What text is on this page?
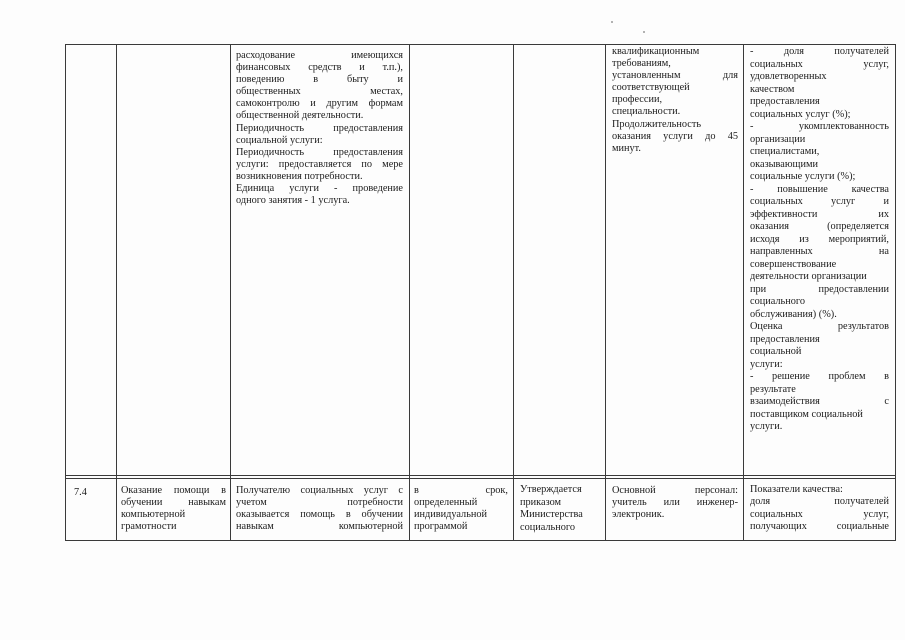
расходование имеющихся

финансовых средств и т.п.),

поведению в быту и

общественных местах,

самоконтролю и другим формам

общественной деятельности.

Периодичность предоставления

социальной услуги:

Периодичность предоставления

услуги: предоставляется по мере

возникновения потребности.

Единица услуги - проведение

одного занятия - 1 услуга.

квалификационным

требованиям,

установленным для

соответствующей

профессии,

специальности.

Продолжительность

оказания услуги до 45

минут.

- доля получателей

социальных услуг,

удовлетворенных

качеством

предоставления

социальных услуг (%);

- укомплектованность

организации

специалистами,

оказывающими

социальные услуги (%);

- повышение качества

социальных услуг и

эффективности их

оказания (определяется

исходя из мероприятий,

направленных на

совершенствование

деятельности организации

при предоставлении

социального

обслуживания) (%).

Оценка результатов

предоставления

социальной

услуги:

- решение проблем в

результате

взаимодействия с

поставщиком социальной

услуги.

7.4	Оказание помощи в

обучении навыкам

компьютерной

грамотности

Получателю социальных услуг с

учетом потребности

оказывается помощь в обучении

навыкам компьютерной

в срок,

определенный

индивидуальной

программой

Утверждается

приказом

Министерства

социального

Основной персонал:

учитель или инженер-

электроник.

Показатели качества:

доля получателей

социальных услуг,

получающих социальные
